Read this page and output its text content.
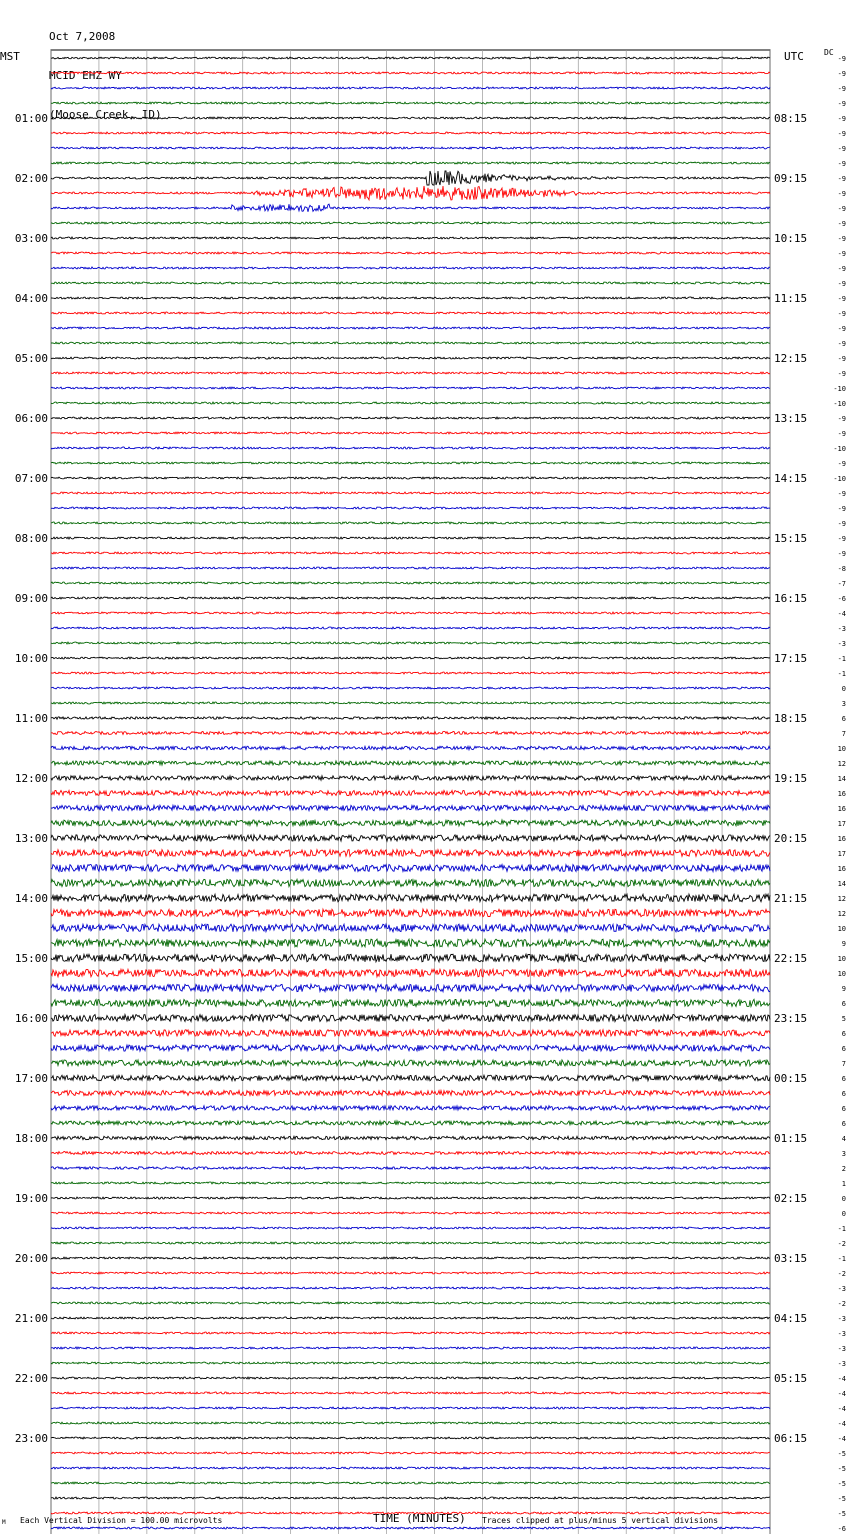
Oct 7,2008

MCID EHZ WY

(Moose Creek, ID)

MST	UTC	DC
-9
-9
-9
-9
-9
-9
-9
-9
-9
-9
-9
-9
-9
-9
-9
-9
-9
-9
-9
-9
-9
-9
-10
-10
-9
-9
-10
-9
-10
-9
-9
-9
-9
-9
-8
-7
-6
-4
-3
-3
-1
-1
0
3
6
7
10
12
14
16
16
17
16
17
16
14
12
12
10
9
10
10
9
6
5
6
6
7
6
6
6
6
4
3
2
1
0
0
-1
-2
-1
-2
-3
-2
-3
-3
-3
-3
-4
-4
-4
-4
-4
-5
-5
-5
-5
-5
-6
01:00	08:15
02:00	09:15
03:00	10:15
04:00	11:15
05:00	12:15
06:00	13:15
07:00	14:15
08:00	15:15
09:00	16:15
10:00	17:15
11:00	18:15
12:00	19:15
13:00	20:15
14:00	21:15
15:00	22:15
16:00	23:15
17:00	00:15
18:00	01:15
19:00	02:15
20:00	03:15
21:00	04:15
22:00	05:15
23:00	06:15
TIME (MINUTES)
M Each Vertical Division = 100.00 microvolts	Traces clipped at plus/minus 5 vertical divisions
